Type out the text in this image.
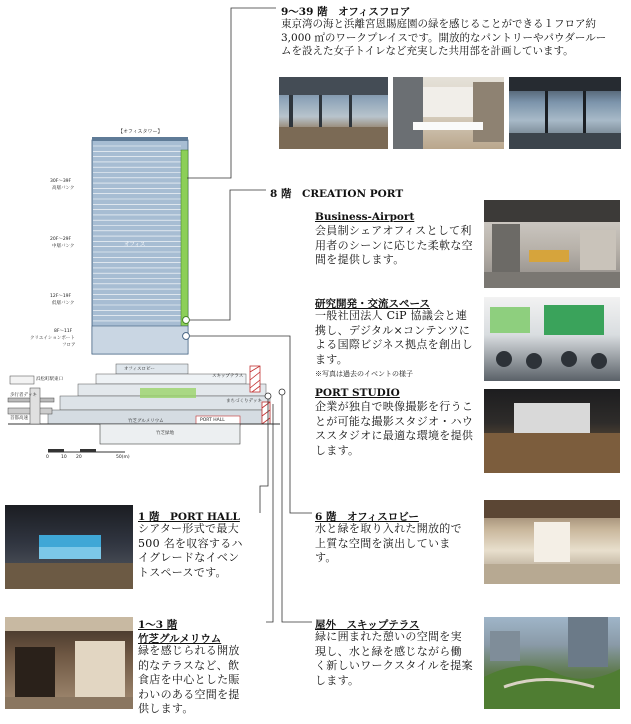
9～39 階　オフィスフロア
東京湾の海と浜離宮恩賜庭園の緑を感じることができる１フロア約 3,000 ㎡のワークプレイスです。開放的なパントリーやパウダールームを設えた女子トイレなど充実した共用部を計画しています。
8 階　CREATION PORT
Business-Airport
会員制シェアオフィスとして利用者のシーンに応じた柔軟な空間を提供します。
研究開発・交流スペース
一般社団法人 CiP 協議会と連携し、デジタル×コンテンツによる国際ビジネス拠点を創出します。
※写真は過去のイベントの様子
PORT STUDIO
企業が独自で映像撮影を行うことが可能な撮影スタジオ・ハウススタジオに最適な環境を提供します。
1 階　PORT HALL
シアター形式で最大 500 名を収容するハイグレードなイベントスペースです。
6 階　オフィスロビー
水と緑を取り入れた開放的で上質な空間を演出しています。
1～3 階
竹芝グルメリウム
緑を感じられる開放的なテラスなど、飲食店を中心とした賑わいのある空間を提供します。
屋外　スキップテラス
緑に囲まれた憩いの空間を実現し、水と緑を感じながら働く新しいワークスタイルを提案します。
【オフィスタワー】
オフィス
30F～39F
高層バンク
20F～29F
中層バンク
12F～19F
低層バンク
8F～11F
クリエイションポート
フロア
オフィスロビー
スキップテラス
浜松町駅東口
歩行者デッキ
首都高速
まちづくりデッキ
竹芝グルメリウム	PORT HALL
竹芝緑地
0	10 20	50(m)
